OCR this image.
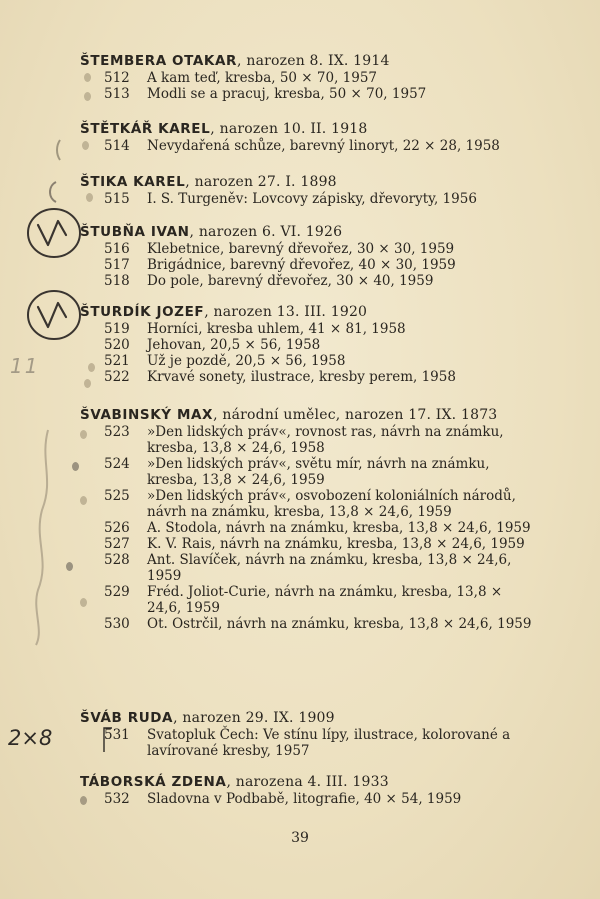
ŠTEMBERA OTAKAR, narozen 8. IX. 1914
512 A kam teď, kresba, 50 × 70, 1957
513 Modli se a pracuj, kresba, 50 × 70, 1957
ŠTĚTKÁŘ KAREL, narozen 10. II. 1918
514 Nevydařená schůze, barevný linoryt, 22 × 28, 1958
ŠTIKA KAREL, narozen 27. I. 1898
515 I. S. Turgeněv: Lovcovy zápisky, dřevoryty, 1956
ŠTUBŇA IVAN, narozen 6. VI. 1926
516 Klebetnice, barevný dřevořez, 30 × 30, 1959
517 Brigádnice, barevný dřevořez, 40 × 30, 1959
518 Do pole, barevný dřevořez, 30 × 40, 1959
ŠTURDÍK JOZEF, narozen 13. III. 1920
519 Horníci, kresba uhlem, 41 × 81, 1958
520 Jehovan, 20,5 × 56, 1958
521 Už je pozdě, 20,5 × 56, 1958
522 Krvavé sonety, ilustrace, kresby perem, 1958
ŠVABINSKÝ MAX, národní umělec, narozen 17. IX. 1873
523 »Den lidských práv«, rovnost ras, návrh na známku, kresba, 13,8 × 24,6, 1958
524 »Den lidských práv«, světu mír, návrh na známku, kresba, 13,8 × 24,6, 1959
525 »Den lidských práv«, osvobození koloniálních národů, návrh na známku, kresba, 13,8 × 24,6, 1959
526 A. Stodola, návrh na známku, kresba, 13,8 × 24,6, 1959
527 K. V. Rais, návrh na známku, kresba, 13,8 × 24,6, 1959
528 Ant. Slavíček, návrh na známku, kresba, 13,8 × 24,6, 1959
529 Fréd. Joliot-Curie, návrh na známku, kresba, 13,8 × 24,6, 1959
530 Ot. Ostrčil, návrh na známku, kresba, 13,8 × 24,6, 1959
ŠVÁB RUDA, narozen 29. IX. 1909
531 Svatopluk Čech: Ve stínu lípy, ilustrace, kolorované a lavírované kresby, 1957
TÁBORSKÁ ZDENA, narozena 4. III. 1933
532 Sladovna v Podbabě, litografie, 40 × 54, 1959
11
2×8
39
